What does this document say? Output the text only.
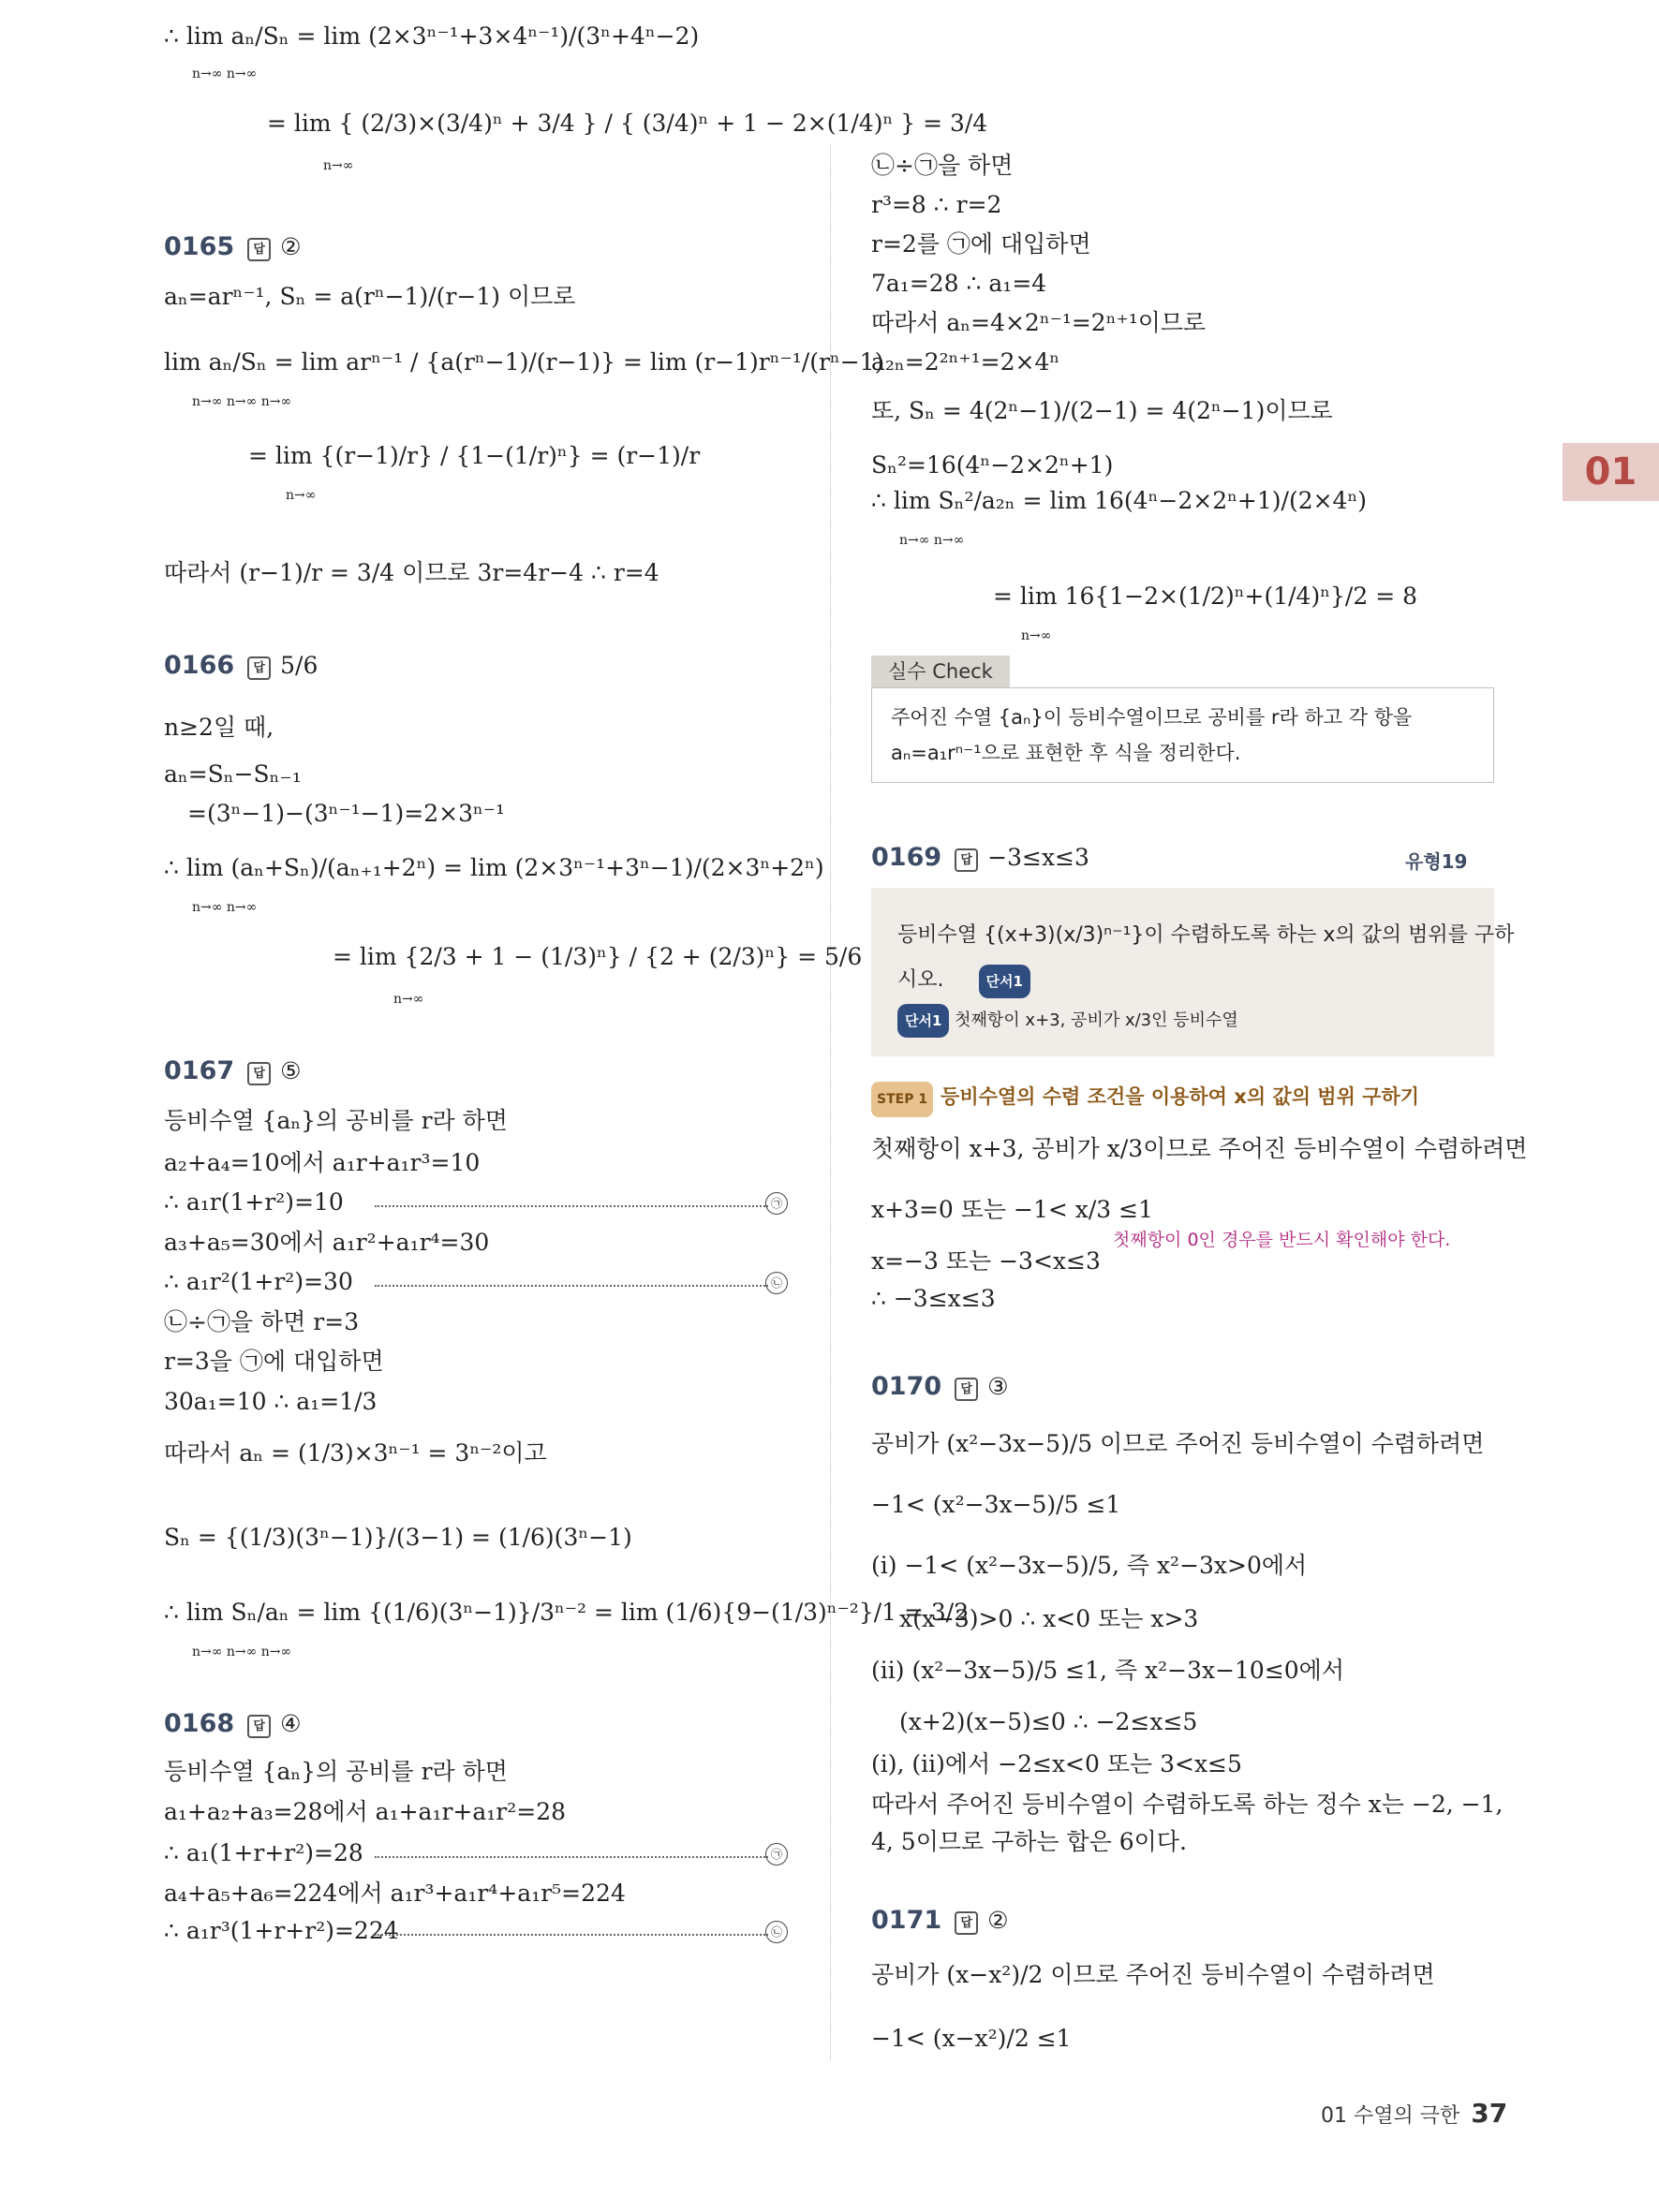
01
∴ lim aₙ/Sₙ = lim (2×3ⁿ⁻¹+3×4ⁿ⁻¹)/(3ⁿ+4ⁿ−2)
n→∞ n→∞
= lim { (2/3)×(3/4)ⁿ + 3/4 } / { (3/4)ⁿ + 1 − 2×(1/4)ⁿ } = 3/4
n→∞
0165 답 ②
aₙ=arⁿ⁻¹, Sₙ = a(rⁿ−1)/(r−1) 이므로
lim aₙ/Sₙ = lim arⁿ⁻¹ / {a(rⁿ−1)/(r−1)} = lim (r−1)rⁿ⁻¹/(rⁿ−1)
n→∞ n→∞ n→∞
= lim {(r−1)/r} / {1−(1/r)ⁿ} = (r−1)/r
n→∞
따라서 (r−1)/r = 3/4 이므로 3r=4r−4 ∴ r=4
0166 답 5/6
n≥2일 때,
aₙ=Sₙ−Sₙ₋₁
=(3ⁿ−1)−(3ⁿ⁻¹−1)=2×3ⁿ⁻¹
∴ lim (aₙ+Sₙ)/(aₙ₊₁+2ⁿ) = lim (2×3ⁿ⁻¹+3ⁿ−1)/(2×3ⁿ+2ⁿ)
n→∞ n→∞
= lim {2/3 + 1 − (1/3)ⁿ} / {2 + (2/3)ⁿ} = 5/6
n→∞
0167 답 ⑤
등비수열 {aₙ}의 공비를 r라 하면
a₂+a₄=10에서 a₁r+a₁r³=10
∴ a₁r(1+r²)=10	㉠
a₃+a₅=30에서 a₁r²+a₁r⁴=30
∴ a₁r²(1+r²)=30	㉡
㉡÷㉠을 하면 r=3
r=3을 ㉠에 대입하면
30a₁=10 ∴ a₁=1/3
따라서 aₙ = (1/3)×3ⁿ⁻¹ = 3ⁿ⁻²이고
Sₙ = {(1/3)(3ⁿ−1)}/(3−1) = (1/6)(3ⁿ−1)
∴ lim Sₙ/aₙ = lim {(1/6)(3ⁿ−1)}/3ⁿ⁻² = lim (1/6){9−(1/3)ⁿ⁻²}/1 = 3/2
n→∞ n→∞ n→∞
0168 답 ④
등비수열 {aₙ}의 공비를 r라 하면
a₁+a₂+a₃=28에서 a₁+a₁r+a₁r²=28
∴ a₁(1+r+r²)=28	㉠
a₄+a₅+a₆=224에서 a₁r³+a₁r⁴+a₁r⁵=224
∴ a₁r³(1+r+r²)=224	㉡
㉡÷㉠을 하면
r³=8 ∴ r=2
r=2를 ㉠에 대입하면
7a₁=28 ∴ a₁=4
따라서 aₙ=4×2ⁿ⁻¹=2ⁿ⁺¹이므로
a₂ₙ=2²ⁿ⁺¹=2×4ⁿ
또, Sₙ = 4(2ⁿ−1)/(2−1) = 4(2ⁿ−1)이므로
Sₙ²=16(4ⁿ−2×2ⁿ+1)
∴ lim Sₙ²/a₂ₙ = lim 16(4ⁿ−2×2ⁿ+1)/(2×4ⁿ)
n→∞ n→∞
= lim 16{1−2×(1/2)ⁿ+(1/4)ⁿ}/2 = 8
n→∞
실수 Check
주어진 수열 {aₙ}이 등비수열이므로 공비를 r라 하고 각 항을
aₙ=a₁rⁿ⁻¹으로 표현한 후 식을 정리한다.
0169 답 −3≤x≤3	유형19
등비수열 {(x+3)(x/3)ⁿ⁻¹}이 수렴하도록 하는 x의 값의 범위를 구하
시오.	단서1
단서1 첫째항이 x+3, 공비가 x/3인 등비수열
STEP 1 등비수열의 수렴 조건을 이용하여 x의 값의 범위 구하기
첫째항이 x+3, 공비가 x/3이므로 주어진 등비수열이 수렴하려면
x+3=0 또는 −1< x/3 ≤1
첫째항이 0인 경우를 반드시 확인해야 한다.
x=−3 또는 −3<x≤3
∴ −3≤x≤3
0170 답 ③
공비가 (x²−3x−5)/5 이므로 주어진 등비수열이 수렴하려면
−1< (x²−3x−5)/5 ≤1
(i) −1< (x²−3x−5)/5, 즉 x²−3x>0에서
x(x−3)>0 ∴ x<0 또는 x>3
(ii) (x²−3x−5)/5 ≤1, 즉 x²−3x−10≤0에서
(x+2)(x−5)≤0 ∴ −2≤x≤5
(i), (ii)에서 −2≤x<0 또는 3<x≤5
따라서 주어진 등비수열이 수렴하도록 하는 정수 x는 −2, −1,
4, 5이므로 구하는 합은 6이다.
0171 답 ②
공비가 (x−x²)/2 이므로 주어진 등비수열이 수렴하려면
−1< (x−x²)/2 ≤1
01 수열의 극한 37
